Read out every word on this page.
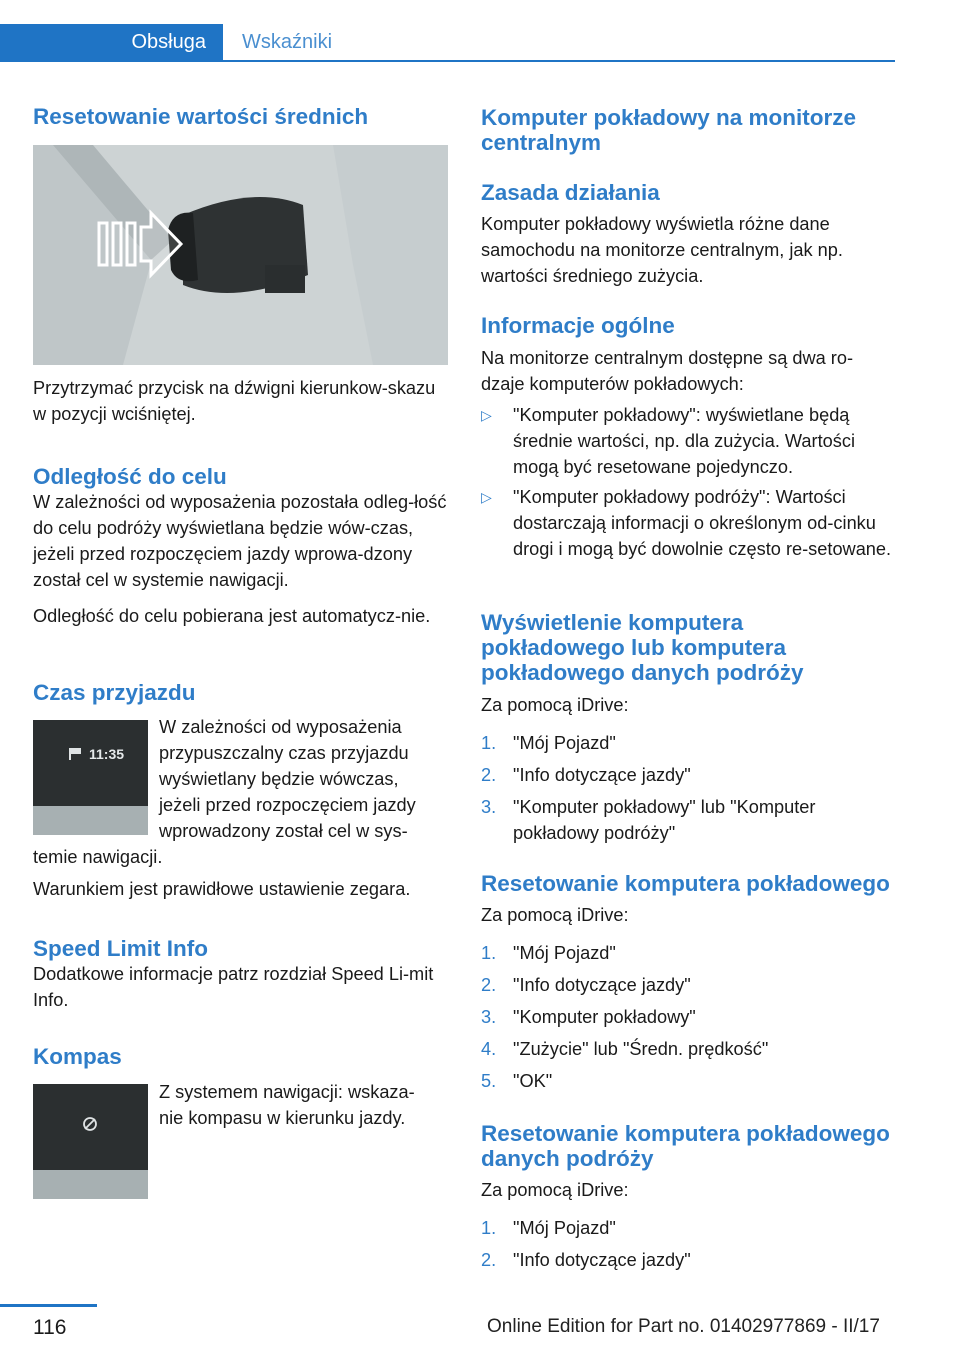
Obsługa	Wskaźniki
Resetowanie wartości średnich

Przytrzymać przycisk na dźwigni kierunkow‐skazu w pozycji wciśniętej.

Odległość do celu

W zależności od wyposażenia pozostała odleg‐łość do celu podróży wyświetlana będzie wów‐czas, jeżeli przed rozpoczęciem jazdy wprowa‐dzony został cel w systemie nawigacji.

Odległość do celu pobierana jest automatycz‐nie.

Czas przyjazdu
11:35

W zależności od wyposażenia

przypuszczalny czas przyjazdu

wyświetlany będzie wówczas,

jeżeli przed rozpoczęciem jazdy

wprowadzony został cel w sys‐

temie nawigacji.

Warunkiem jest prawidłowe ustawienie zegara.

Speed Limit Info

Dodatkowe informacje patrz rozdział Speed Li‐mit Info.

Kompas

Z systemem nawigacji: wskaza‐

nie kompasu w kierunku jazdy.

Komputer pokładowy na monitorze centralnym
Zasada działania

Komputer pokładowy wyświetla różne dane samochodu na monitorze centralnym, jak np. wartości średniego zużycia.

Informacje ogólne

Na monitorze centralnym dostępne są dwa ro‐dzaje komputerów pokładowych:

▷ "Komputer pokładowy": wyświetlane będą średnie wartości, np. dla zużycia. Wartości mogą być resetowane pojedynczo.

▷ "Komputer pokładowy podróży": Wartości dostarczają informacji o określonym od‐cinku drogi i mogą być dowolnie często re‐setowane.

Wyświetlenie komputera pokładowego lub komputera pokładowego danych podróży

Za pomocą iDrive:

1. "Mój Pojazd"

2. "Info dotyczące jazdy"

3. "Komputer pokładowy" lub "Komputer pokładowy podróży"

Resetowanie komputera pokładowego

Za pomocą iDrive:

1. "Mój Pojazd"

2. "Info dotyczące jazdy"

3. "Komputer pokładowy"

4. "Zużycie" lub "Średn. prędkość"

5. "OK"

Resetowanie komputera pokładowego danych podróży

Za pomocą iDrive:

1. "Mój Pojazd"

2. "Info dotyczące jazdy"

116	Online Edition for Part no. 01402977869 - II/17
